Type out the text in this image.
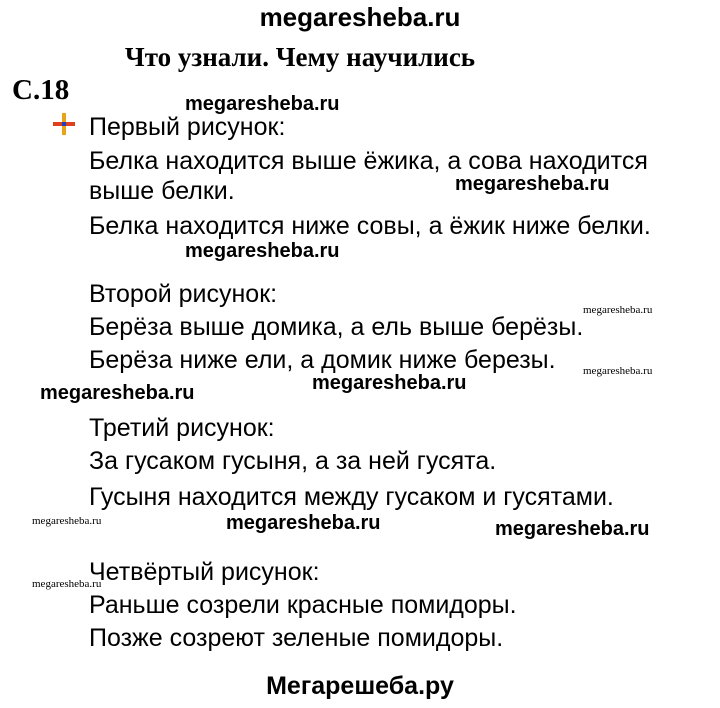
megaresheba.ru
Что узнали. Чему научились
С.18
Первый рисунок:
Белка находится выше ёжика, а сова находится
выше белки.
Белка находится ниже совы, а ёжик ниже белки.
Второй рисунок:
Берёза выше домика, а ель выше берёзы.
Берёза ниже ели, а домик ниже березы.
Третий рисунок:
За гусаком гусыня, а за ней гусята.
Гусыня находится между гусаком и гусятами.
Четвёртый рисунок:
Раньше созрели красные помидоры.
Позже созреют зеленые помидоры.
megaresheba.ru
megaresheba.ru
megaresheba.ru
megaresheba.ru
megaresheba.ru
megaresheba.ru	megaresheba.ru
megaresheba.ru	megaresheba.ru	megaresheba.ru
megaresheba.ru
Мегарешеба.ру
